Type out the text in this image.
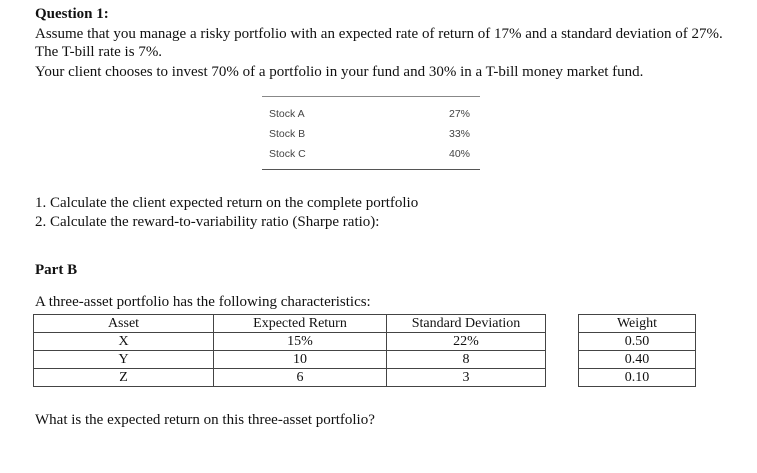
Question 1:
Assume that you manage a risky portfolio with an expected rate of return of 17% and a standard deviation of 27%. The T-bill rate is 7%.
Your client chooses to invest 70% of a portfolio in your fund and 30% in a T-bill money market fund.
Stock A	27%
Stock B	33%
Stock C	40%
1. Calculate the client expected return on the complete portfolio
2. Calculate the reward-to-variability ratio (Sharpe ratio):
Part B
A three-asset portfolio has the following characteristics:
Asset	Expected Return	Standard Deviation		Weight
X	15%	22%		0.50
Y	10	8		0.40
Z	6	3		0.10
What is the expected return on this three-asset portfolio?
